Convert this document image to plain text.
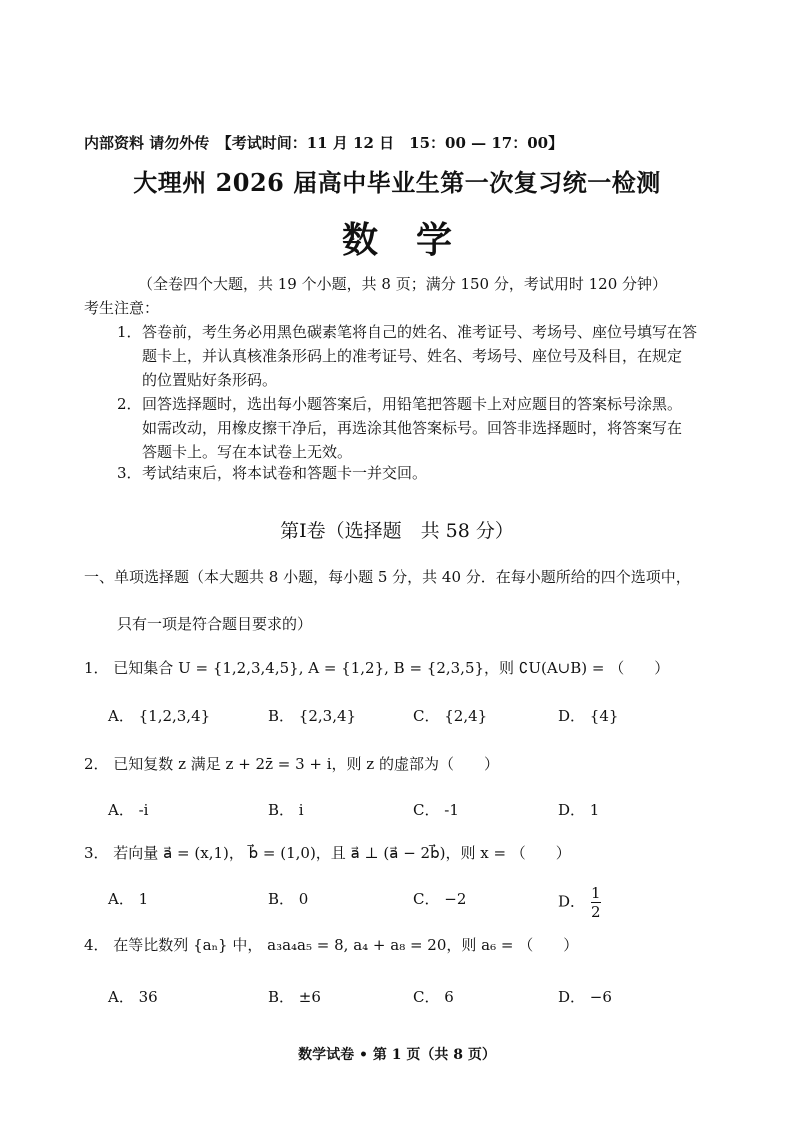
内部资料 请勿外传　【考试时间：11 月 12 日　15：00 — 17：00】
大理州 2026 届高中毕业生第一次复习统一检测
数学
（全卷四个大题，共 19 个小题，共 8 页；满分 150 分，考试用时 120 分钟）
考生注意：
1．答卷前，考生务必用黑色碳素笔将自己的姓名、准考证号、考场号、座位号填写在答
题卡上，并认真核准条形码上的准考证号、姓名、考场号、座位号及科目，在规定
的位置贴好条形码。
2．回答选择题时，选出每小题答案后，用铅笔把答题卡上对应题目的答案标号涂黑。
如需改动，用橡皮擦干净后，再选涂其他答案标号。回答非选择题时，将答案写在
答题卡上。写在本试卷上无效。
3．考试结束后，将本试卷和答题卡一并交回。
第Ⅰ卷（选择题　共 58 分）
一、单项选择题（本大题共 8 小题，每小题 5 分，共 40 分．在每小题所给的四个选项中，
只有一项是符合题目要求的）
1． 已知集合 U = {1,2,3,4,5}, A = {1,2}, B = {2,3,5}，则 ∁U(A∪B) = （　　）
A． {1,2,3,4}	B． {2,3,4}	C． {2,4}	D． {4}
2． 已知复数 z 满足 z + 2z̄ = 3 + i，则 z 的虚部为（　　）
A． -i	B． i	C． -1	D． 1
3． 若向量 a⃗ = (x,1)， b⃗ = (1,0)，且 a⃗ ⊥ (a⃗ − 2b⃗)，则 x = （　　）
A． 1	B． 0	C． −2	D． $\frac{1}{2}$
4． 在等比数列 {aₙ} 中， a₃a₄a₅ = 8, a₄ + a₈ = 20，则 a₆ = （　　）
A． 36	B． ±6	C． 6	D． −6
数学试卷 • 第 1 页（共 8 页）
